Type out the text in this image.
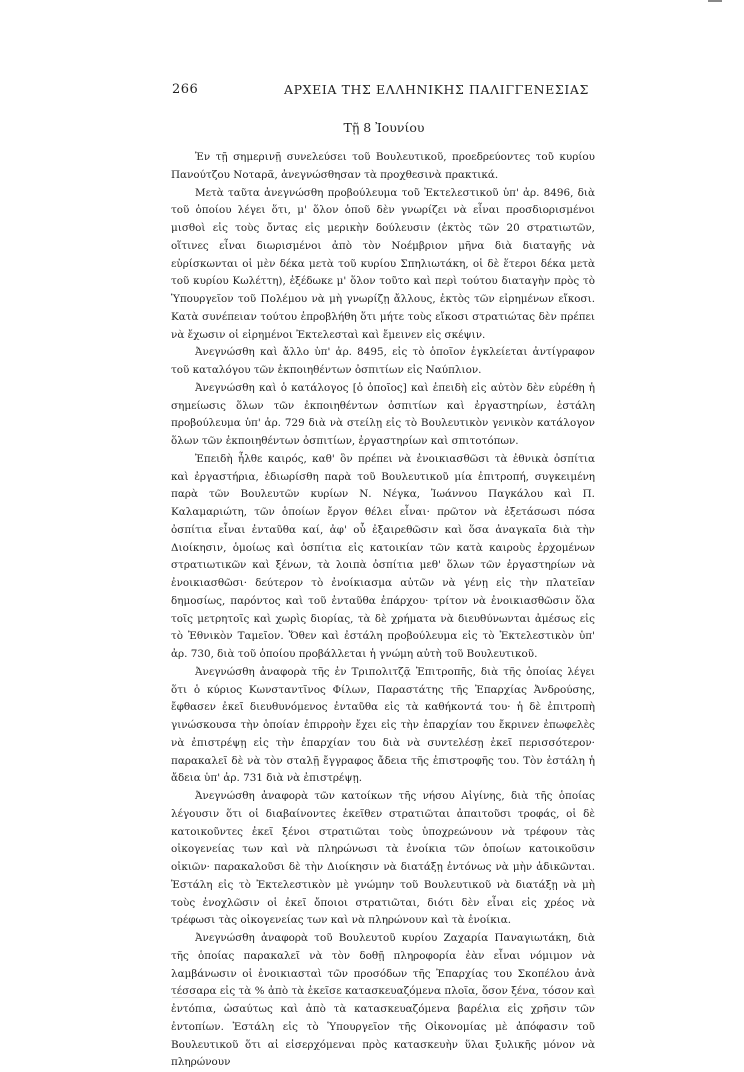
266	ΑΡΧΕΙΑ ΤΗΣ ΕΛΛΗΝΙΚΗΣ ΠΑΛΙΓΓΕΝΕΣΙΑΣ
Τῇ 8 Ἰουνίου

Ἐν τῇ σημερινῇ συνελεύσει τοῦ Βουλευτικοῦ, προεδρεύοντες τοῦ κυρίου Πανούτζου Νοταρᾶ, ἀνεγνώσθησαν τὰ προχθεσινὰ πρακτικά.

Μετὰ ταῦτα ἀνεγνώσθη προβούλευμα τοῦ Ἐκτελεστικοῦ ὑπ' ἀρ. 8496, διὰ τοῦ ὁποίου λέγει ὅτι, μ' ὅλον ὁποῦ δὲν γνωρίζει νὰ εἶναι προσδιορισμένοι μισθοὶ εἰς τοὺς ὄντας εἰς μερικὴν δούλευσιν (ἐκτὸς τῶν 20 στρατιωτῶν, οἵτινες εἶναι διωρισμένοι ἀπὸ τὸν Νοέμβριον μῆνα διὰ διαταγῆς νὰ εὑρίσκωνται οἱ μὲν δέκα μετὰ τοῦ κυρίου Σπηλιωτάκη, οἱ δὲ ἕτεροι δέκα μετὰ τοῦ κυρίου Κωλέττη), ἐξέδωκε μ' ὅλον τοῦτο καὶ περὶ τούτου διαταγὴν πρὸς τὸ Ὑπουργεῖον τοῦ Πολέμου νὰ μὴ γνωρίζῃ ἄλλους, ἐκτὸς τῶν εἰρημένων εἴκοσι. Κατὰ συνέπειαν τούτου ἐπροβλήθη ὅτι μήτε τοὺς εἴκοσι στρατιώτας δὲν πρέπει νὰ ἔχωσιν οἱ εἰρημένοι Ἐκτελεσταὶ καὶ ἔμεινεν εἰς σκέψιν.

Ἀνεγνώσθη καὶ ἄλλο ὑπ' ἀρ. 8495, εἰς τὸ ὁποῖον ἐγκλείεται ἀντίγραφον τοῦ καταλόγου τῶν ἐκποιηθέντων ὀσπιτίων εἰς Ναύπλιον.

Ἀνεγνώσθη καὶ ὁ κατάλογος [ὁ ὁποῖος] καὶ ἐπειδὴ εἰς αὐτὸν δὲν εὑρέθη ἡ σημείωσις ὅλων τῶν ἐκποιηθέντων ὀσπιτίων καὶ ἐργαστηρίων, ἐστάλη προβούλευμα ὑπ' ἀρ. 729 διὰ νὰ στείλῃ εἰς τὸ Βουλευτικὸν γενικὸν κατάλογον ὅλων τῶν ἐκποιηθέντων ὀσπιτίων, ἐργαστηρίων καὶ σπιτοτόπων.

Ἐπειδὴ ἦλθε καιρός, καθ' ὃν πρέπει νὰ ἐνοικιασθῶσι τὰ ἐθνικὰ ὀσπίτια καὶ ἐργαστήρια, ἐδιωρίσθη παρὰ τοῦ Βουλευτικοῦ μία ἐπιτροπή, συγκειμένη παρὰ τῶν Βουλευτῶν κυρίων Ν. Νέγκα, Ἰωάννου Παγκάλου καὶ Π. Καλαμαριώτη, τῶν ὁποίων ἔργον θέλει εἶναι· πρῶτον νὰ ἐξετάσωσι πόσα ὀσπίτια εἶναι ἐνταῦθα καί, ἀφ' οὗ ἐξαιρεθῶσιν καὶ ὅσα ἀναγκαῖα διὰ τὴν Διοίκησιν, ὁμοίως καὶ ὀσπίτια εἰς κατοικίαν τῶν κατὰ καιροὺς ἐρχομένων στρατιωτικῶν καὶ ξένων, τὰ λοιπὰ ὀσπίτια μεθ' ὅλων τῶν ἐργαστηρίων νὰ ἐνοικιασθῶσι· δεύτερον τὸ ἐνοίκιασμα αὐτῶν νὰ γένῃ εἰς τὴν πλατεῖαν δημοσίως, παρόντος καὶ τοῦ ἐνταῦθα ἐπάρχου· τρίτον νὰ ἐνοικιασθῶσιν ὅλα τοῖς μετρητοῖς καὶ χωρὶς διορίας, τὰ δὲ χρήματα νὰ διευθύνωνται ἀμέσως εἰς τὸ Ἐθνικὸν Ταμεῖον. Ὅθεν καὶ ἐστάλη προβούλευμα εἰς τὸ Ἐκτελεστικὸν ὑπ' ἀρ. 730, διὰ τοῦ ὁποίου προβάλλεται ἡ γνώμη αὐτὴ τοῦ Βουλευτικοῦ.

Ἀνεγνώσθη ἀναφορὰ τῆς ἐν Τριπολιτζᾷ Ἐπιτροπῆς, διὰ τῆς ὁποίας λέγει ὅτι ὁ κύριος Κωνσταντῖνος Φίλων, Παραστάτης τῆς Ἐπαρχίας Ἀνδρούσης, ἔφθασεν ἐκεῖ διευθυνόμενος ἐνταῦθα εἰς τὰ καθήκοντά του· ἡ δὲ ἐπιτροπὴ γινώσκουσα τὴν ὁποίαν ἐπιρροὴν ἔχει εἰς τὴν ἐπαρχίαν του ἔκρινεν ἐπωφελὲς νὰ ἐπιστρέψῃ εἰς τὴν ἐπαρχίαν του διὰ νὰ συντελέσῃ ἐκεῖ περισσότερον· παρακαλεῖ δὲ νὰ τὸν σταλῇ ἔγγραφος ἄδεια τῆς ἐπιστροφῆς του. Τὸν ἐστάλη ἡ ἄδεια ὑπ' ἀρ. 731 διὰ νὰ ἐπιστρέψῃ.

Ἀνεγνώσθη ἀναφορὰ τῶν κατοίκων τῆς νήσου Αἰγίνης, διὰ τῆς ὁποίας λέγουσιν ὅτι οἱ διαβαίνοντες ἐκεῖθεν στρατιῶται ἀπαιτοῦσι τροφάς, οἱ δὲ κατοικοῦντες ἐκεῖ ξένοι στρατιῶται τοὺς ὑποχρεώνουν νὰ τρέφουν τὰς οἰκογενείας των καὶ νὰ πληρώνωσι τὰ ἐνοίκια τῶν ὁποίων κατοικοῦσιν οἰκιῶν· παρακαλοῦσι δὲ τὴν Διοίκησιν νὰ διατάξῃ ἐντόνως νὰ μὴν ἀδικῶνται. Ἐστάλη εἰς τὸ Ἐκτελεστικὸν μὲ γνώμην τοῦ Βουλευτικοῦ νὰ διατάξῃ νὰ μὴ τοὺς ἐνοχλῶσιν οἱ ἐκεῖ ὄποιοι στρατιῶται, διότι δὲν εἶναι εἰς χρέος νὰ τρέφωσι τὰς οἰκογενείας των καὶ νὰ πληρώνουν καὶ τὰ ἐνοίκια.

Ἀνεγνώσθη ἀναφορὰ τοῦ Βουλευτοῦ κυρίου Ζαχαρία Παναγιωτάκη, διὰ τῆς ὁποίας παρακαλεῖ νὰ τὸν δοθῇ πληροφορία ἐὰν εἶναι νόμιμον νὰ λαμβάνωσιν οἱ ἐνοικιασταὶ τῶν προσόδων τῆς Ἐπαρχίας του Σκοπέλου ἀνὰ τέσσαρα εἰς τὰ % ἀπὸ τὰ ἐκεῖσε κατασκευαζόμενα πλοῖα, ὅσον ξένα, τόσον καὶ ἐντόπια, ὡσαύτως καὶ ἀπὸ τὰ κατασκευαζόμενα βαρέλια εἰς χρῆσιν τῶν ἐντοπίων. Ἐστάλη εἰς τὸ Ὑπουργεῖον τῆς Οἰκονομίας μὲ ἀπόφασιν τοῦ Βουλευτικοῦ ὅτι αἱ εἰσερχόμεναι πρὸς κατασκευὴν ὕλαι ξυλικῆς μόνον νὰ πληρώνουν
